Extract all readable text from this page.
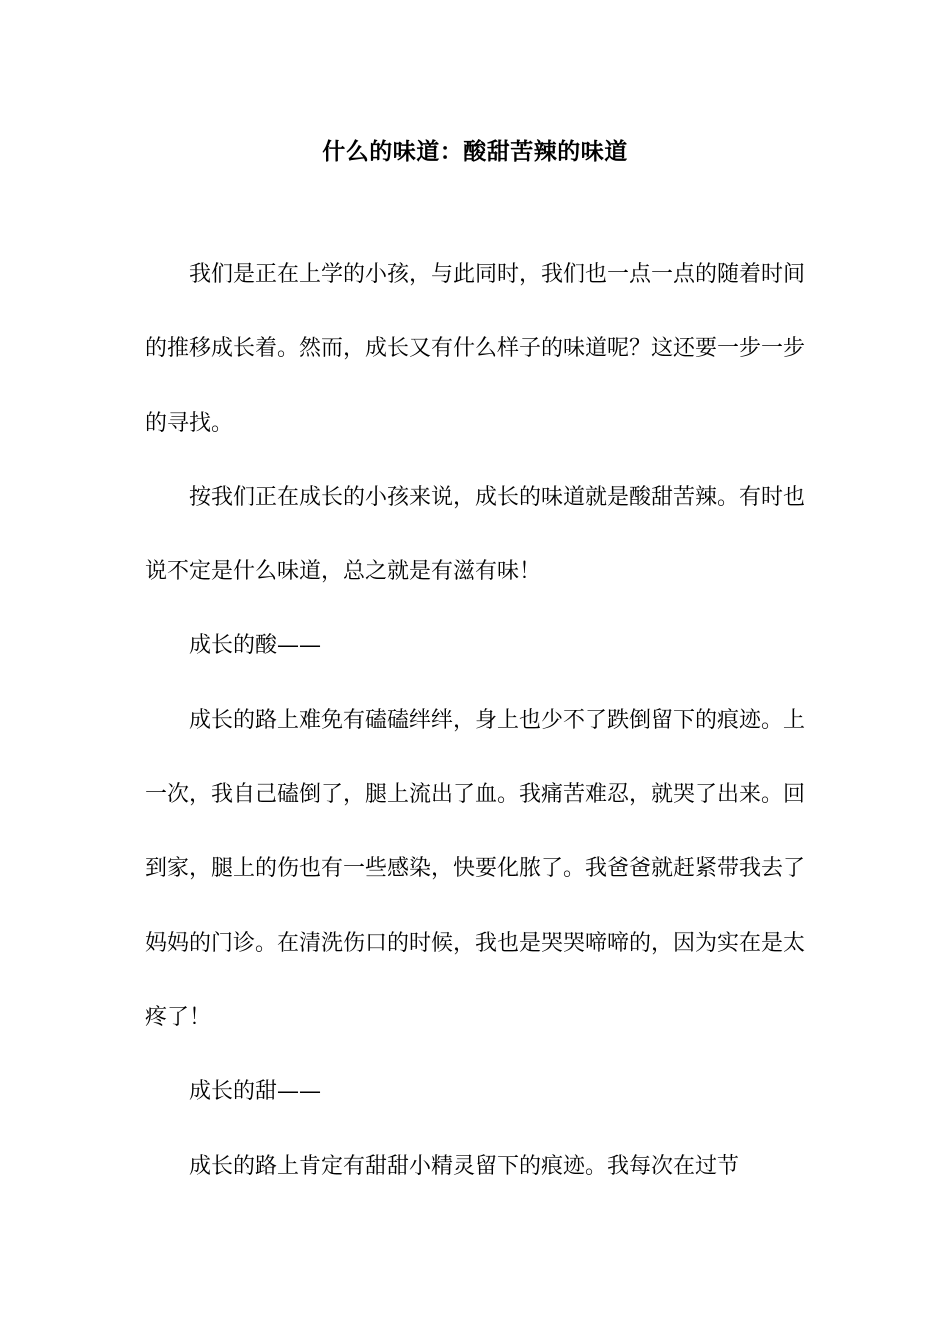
什么的味道：酸甜苦辣的味道

我们是正在上学的小孩，与此同时，我们也一点一点的随着时间的推移成长着。然而，成长又有什么样子的味道呢？这还要一步一步的寻找。

按我们正在成长的小孩来说，成长的味道就是酸甜苦辣。有时也说不定是什么味道，总之就是有滋有味！

成长的酸——

成长的路上难免有磕磕绊绊，身上也少不了跌倒留下的痕迹。上一次，我自己磕倒了，腿上流出了血。我痛苦难忍，就哭了出来。回到家，腿上的伤也有一些感染，快要化脓了。我爸爸就赶紧带我去了妈妈的门诊。在清洗伤口的时候，我也是哭哭啼啼的，因为实在是太疼了！

成长的甜——

成长的路上肯定有甜甜小精灵留下的痕迹。我每次在过节
